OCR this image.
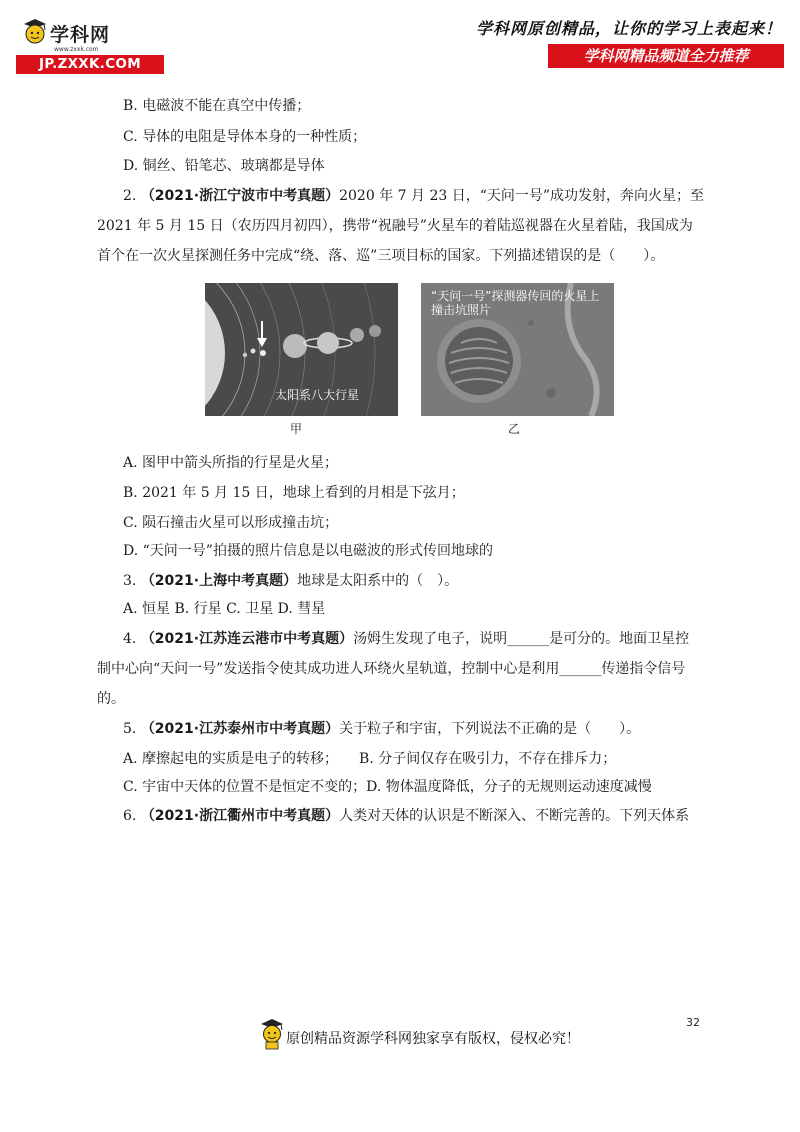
学科网
www.zxxk.com
JP.ZXXK.COM
学科网原创精品，让你的学习上表起来！
学科网精品频道全力推荐
B. 电磁波不能在真空中传播；
C. 导体的电阻是导体本身的一种性质；
D. 铜丝、铅笔芯、玻璃都是导体
2. （2021·浙江宁波市中考真题）2020 年 7 月 23 日，“天问一号”成功发射，奔向火星；至
2021 年 5 月 15 日（农历四月初四），携带“祝融号”火星车的着陆巡视器在火星着陆，我国成为
首个在一次火星探测任务中完成“绕、落、巡”三项目标的国家。下列描述错误的是（　　）。
太阳系八大行星
“天问一号”探测器传回的火星上
撞击坑照片
甲	乙
A. 图甲中箭头所指的行星是火星；
B. 2021 年 5 月 15 日，地球上看到的月相是下弦月；
C. 陨石撞击火星可以形成撞击坑；
D. “天问一号”拍摄的照片信息是以电磁波的形式传回地球的
3. （2021·上海中考真题）地球是太阳系中的（　）。
A. 恒星 B. 行星 C. 卫星 D. 彗星
4. （2021·江苏连云港市中考真题）汤姆生发现了电子，说明______是可分的。地面卫星控
制中心向“天问一号”发送指令使其成功进人环绕火星轨道，控制中心是利用______传递指令信号
的。
5. （2021·江苏泰州市中考真题）关于粒子和宇宙，下列说法不正确的是（　　）。
A. 摩擦起电的实质是电子的转移；　　B. 分子间仅存在吸引力，不存在排斥力；
C. 宇宙中天体的位置不是恒定不变的；D. 物体温度降低，分子的无规则运动速度减慢
6. （2021·浙江衢州市中考真题）人类对天体的认识是不断深入、不断完善的。下列天体系
32
原创精品资源学科网独家享有版权，侵权必究！
